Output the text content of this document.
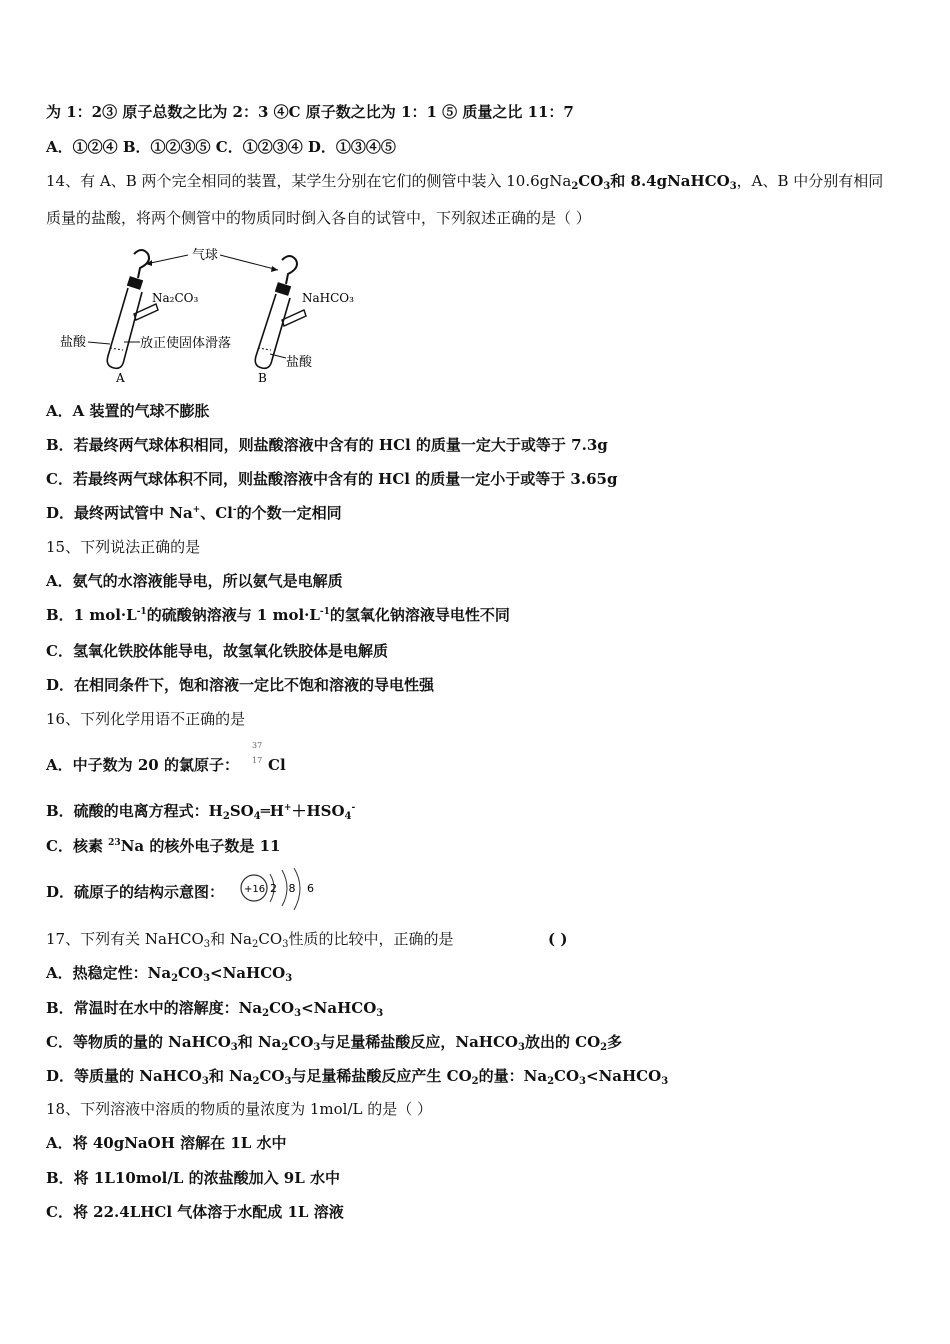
为 1：2③ 原子总数之比为 2：3 ④C 原子数之比为 1：1 ⑤ 质量之比 11：7
A．①②④ B．①②③⑤ C．①②③④ D．①③④⑤
14、有 A、B 两个完全相同的装置，某学生分别在它们的侧管中装入 $10.6gNa_2CO_3$和 8.4gNaHCO$_3$，A、B 中分别有相同
质量的盐酸，将两个侧管中的物质同时倒入各自的试管中，下列叙述正确的是（ ）
气球
Na₂CO₃
盐酸	放正使固体滑落
A
NaHCO₃
盐酸
B
A．A 装置的气球不膨胀
B．若最终两气球体积相同，则盐酸溶液中含有的 HCl 的质量一定大于或等于 7.3g
C．若最终两气球体积不同，则盐酸溶液中含有的 HCl 的质量一定小于或等于 3.65g
D．最终两试管中 Na+、Cl-的个数一定相同
15、下列说法正确的是
A．氨气的水溶液能导电，所以氨气是电解质
B．1 $mol\cdot L^{-1}$的硫酸钠溶液与 1 $mol\cdot L^{-1}$的氢氧化钠溶液导电性不同
C．氢氧化铁胶体能导电，故氢氧化铁胶体是电解质
D．在相同条件下，饱和溶液一定比不饱和溶液的导电性强
16、下列化学用语不正确的是
A．中子数为 20 的氯原子：
37
17 Cl
B．硫酸的电离方程式：$H_2SO_4═H^++HSO_4^-$
C．核素 $^{23}$Na 的核外电子数是 11
D．硫原子的结构示意图： +16 2 8 6
17、下列有关 NaHCO$_3$和 $Na_2CO_3$性质的比较中，正确的是	( )
A．热稳定性：$Na_2CO_3<NaHCO_3$
B．常温时在水中的溶解度：$Na_2CO_3<NaHCO_3$
C．等物质的量的 NaHCO$_3$和 $Na_2CO_3$与足量稀盐酸反应，NaHCO$_3$放出的 $CO_2$多
D．等质量的 NaHCO$_3$和 $Na_2CO_3$与足量稀盐酸反应产生 $CO_2$的量：$Na_2CO_3<NaHCO_3$
18、下列溶液中溶质的物质的量浓度为 1mol/L 的是（ ）
A．将 40gNaOH 溶解在 1L 水中
B．将 1L10mol/L 的浓盐酸加入 9L 水中
C．将 22.4LHCl 气体溶于水配成 1L 溶液
